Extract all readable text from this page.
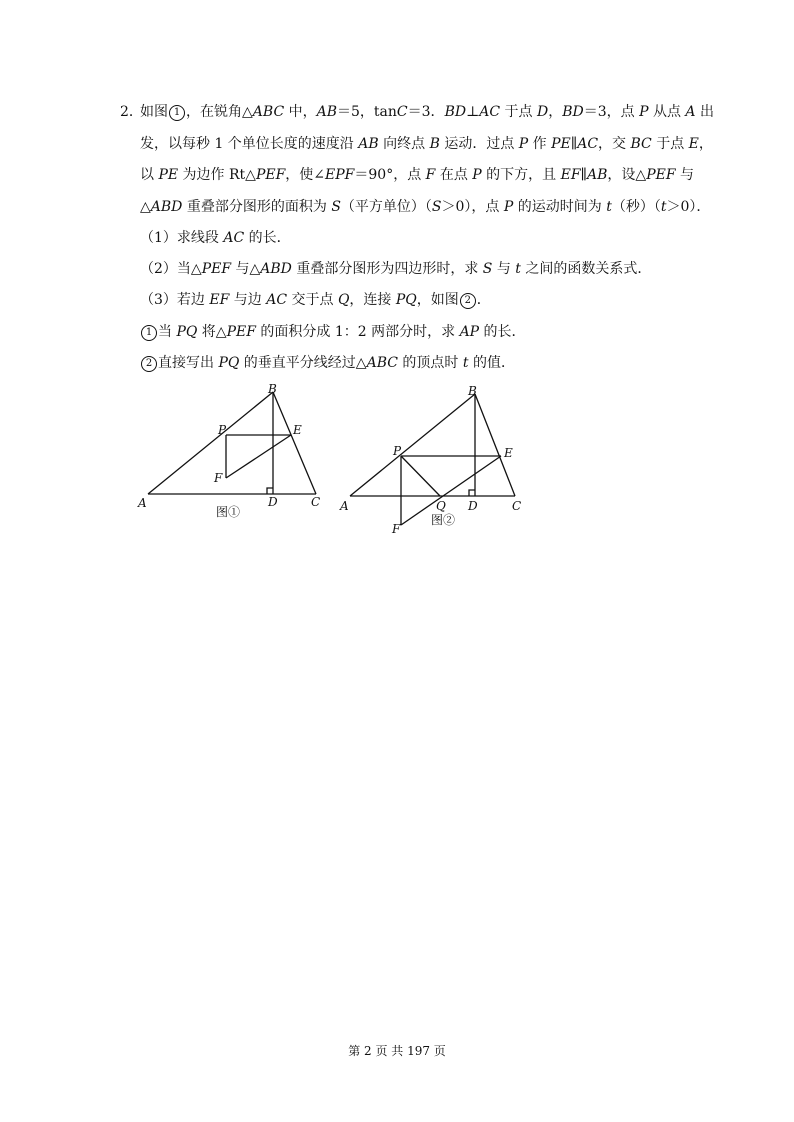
2．
如图 1 ，在锐角△ABC 中，AB＝5，tanC＝3．BD⊥AC 于点 D，BD＝3，点 P 从点 A 出
发，以每秒 1 个单位长度的速度沿 AB 向终点 B 运动．过点 P 作 PE∥AC，交 BC 于点 E，
以 PE 为边作 Rt△PEF，使∠EPF＝90°，点 F 在点 P 的下方，且 EF∥AB，设△PEF 与
△ABD 重叠部分图形的面积为 S（平方单位）（S＞0），点 P 的运动时间为 t（秒）（t＞0）．
（1）求线段 AC 的长．
（2）当△PEF 与△ABD 重叠部分图形为四边形时，求 S 与 t 之间的函数关系式．
（3）若边 EF 与边 AC 交于点 Q，连接 PQ，如图 2 ．
1 当 PQ 将△PEF 的面积分成 1：2 两部分时，求 AP 的长．
2 直接写出 PQ 的垂直平分线经过△ABC 的顶点时 t 的值．
B
P	E
F
A	D	C
图①
B
P	E
A	Q D	C
F
图②
第 2 页 共 197 页
